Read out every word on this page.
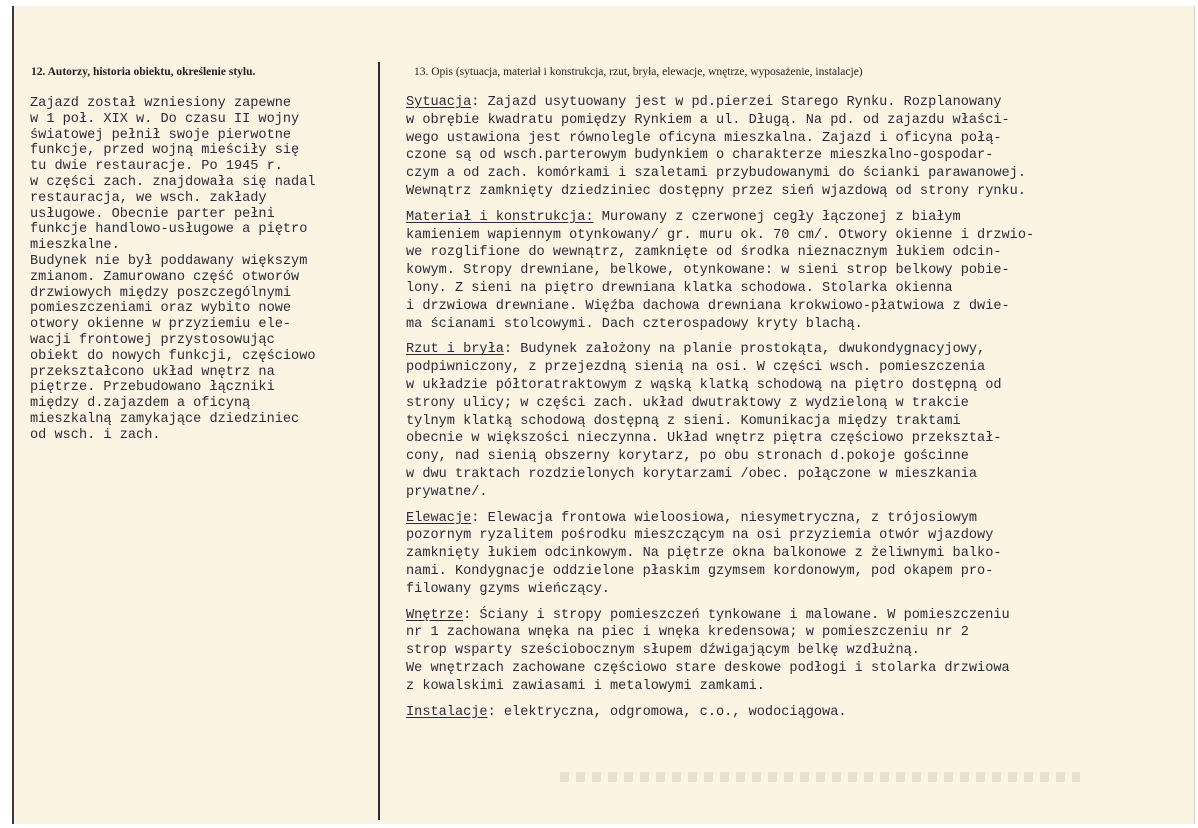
12. Autorzy, historia obiektu, określenie stylu.	13. Opis (sytuacja, materiał i konstrukcja, rzut, bryła, elewacje, wnętrze, wyposażenie, instalacje)
Zajazd został wzniesiony zapewne
w 1 poł. XIX w. Do czasu II wojny
światowej pełnił swoje pierwotne
funkcje, przed wojną mieściły się
tu dwie restauracje. Po 1945 r.
w części zach. znajdowała się nadal
restauracja, we wsch. zakłady
usługowe. Obecnie parter pełni
funkcje handlowo-usługowe a piętro
mieszkalne.
Budynek nie był poddawany większym
zmianom. Zamurowano część otworów
drzwiowych między poszczególnymi
pomieszczeniami oraz wybito nowe
otwory okienne w przyziemiu ele-
wacji frontowej przystosowując
obiekt do nowych funkcji, częściowo
przekształcono układ wnętrz na
piętrze. Przebudowano łączniki
między d.zajazdem a oficyną
mieszkalną zamykające dziedziniec
od wsch. i zach.
Sytuacja: Zajazd usytuowany jest w pd.pierzei Starego Rynku. Rozplanowany
w obrębie kwadratu pomiędzy Rynkiem a ul. Długą. Na pd. od zajazdu właści-
wego ustawiona jest równolegle oficyna mieszkalna. Zajazd i oficyna połą-
czone są od wsch.parterowym budynkiem o charakterze mieszkalno-gospodar-
czym a od zach. komórkami i szaletami przybudowanymi do ścianki parawanowej.
Wewnątrz zamknięty dziedziniec dostępny przez sień wjazdową od strony rynku.
Materiał i konstrukcja: Murowany z czerwonej cegły łączonej z białym
kamieniem wapiennym otynkowany/ gr. muru ok. 70 cm/. Otwory okienne i drzwio-
we rozglifione do wewnątrz, zamknięte od środka nieznacznym łukiem odcin-
kowym. Stropy drewniane, belkowe, otynkowane: w sieni strop belkowy pobie-
lony. Z sieni na piętro drewniana klatka schodowa. Stolarka okienna
i drzwiowa drewniane. Więźba dachowa drewniana krokwiowo-płatwiowa z dwie-
ma ścianami stolcowymi. Dach czterospadowy kryty blachą.
Rzut i bryła: Budynek założony na planie prostokąta, dwukondygnacyjowy,
podpiwniczony, z przejezdną sienią na osi. W części wsch. pomieszczenia
w układzie półtoratraktowym z wąską klatką schodową na piętro dostępną od
strony ulicy; w części zach. układ dwutraktowy z wydzieloną w trakcie
tylnym klatką schodową dostępną z sieni. Komunikacja między traktami
obecnie w większości nieczynna. Układ wnętrz piętra częściowo przekształ-
cony, nad sienią obszerny korytarz, po obu stronach d.pokoje gościnne
w dwu traktach rozdzielonych korytarzami /obec. połączone w mieszkania
prywatne/.
Elewacje: Elewacja frontowa wieloosiowa, niesymetryczna, z trójosiowym
pozornym ryzalitem pośrodku mieszczącym na osi przyziemia otwór wjazdowy
zamknięty łukiem odcinkowym. Na piętrze okna balkonowe z żeliwnymi balko-
nami. Kondygnacje oddzielone płaskim gzymsem kordonowym, pod okapem pro-
filowany gzyms wieńczący.
Wnętrze: Ściany i stropy pomieszczeń tynkowane i malowane. W pomieszczeniu
nr 1 zachowana wnęka na piec i wnęka kredensowa; w pomieszczeniu nr 2
strop wsparty sześciobocznym słupem dźwigającym belkę wzdłużną.
We wnętrzach zachowane częściowo stare deskowe podłogi i stolarka drzwiowa
z kowalskimi zawiasami i metalowymi zamkami.
Instalacje: elektryczna, odgromowa, c.o., wodociągowa.
